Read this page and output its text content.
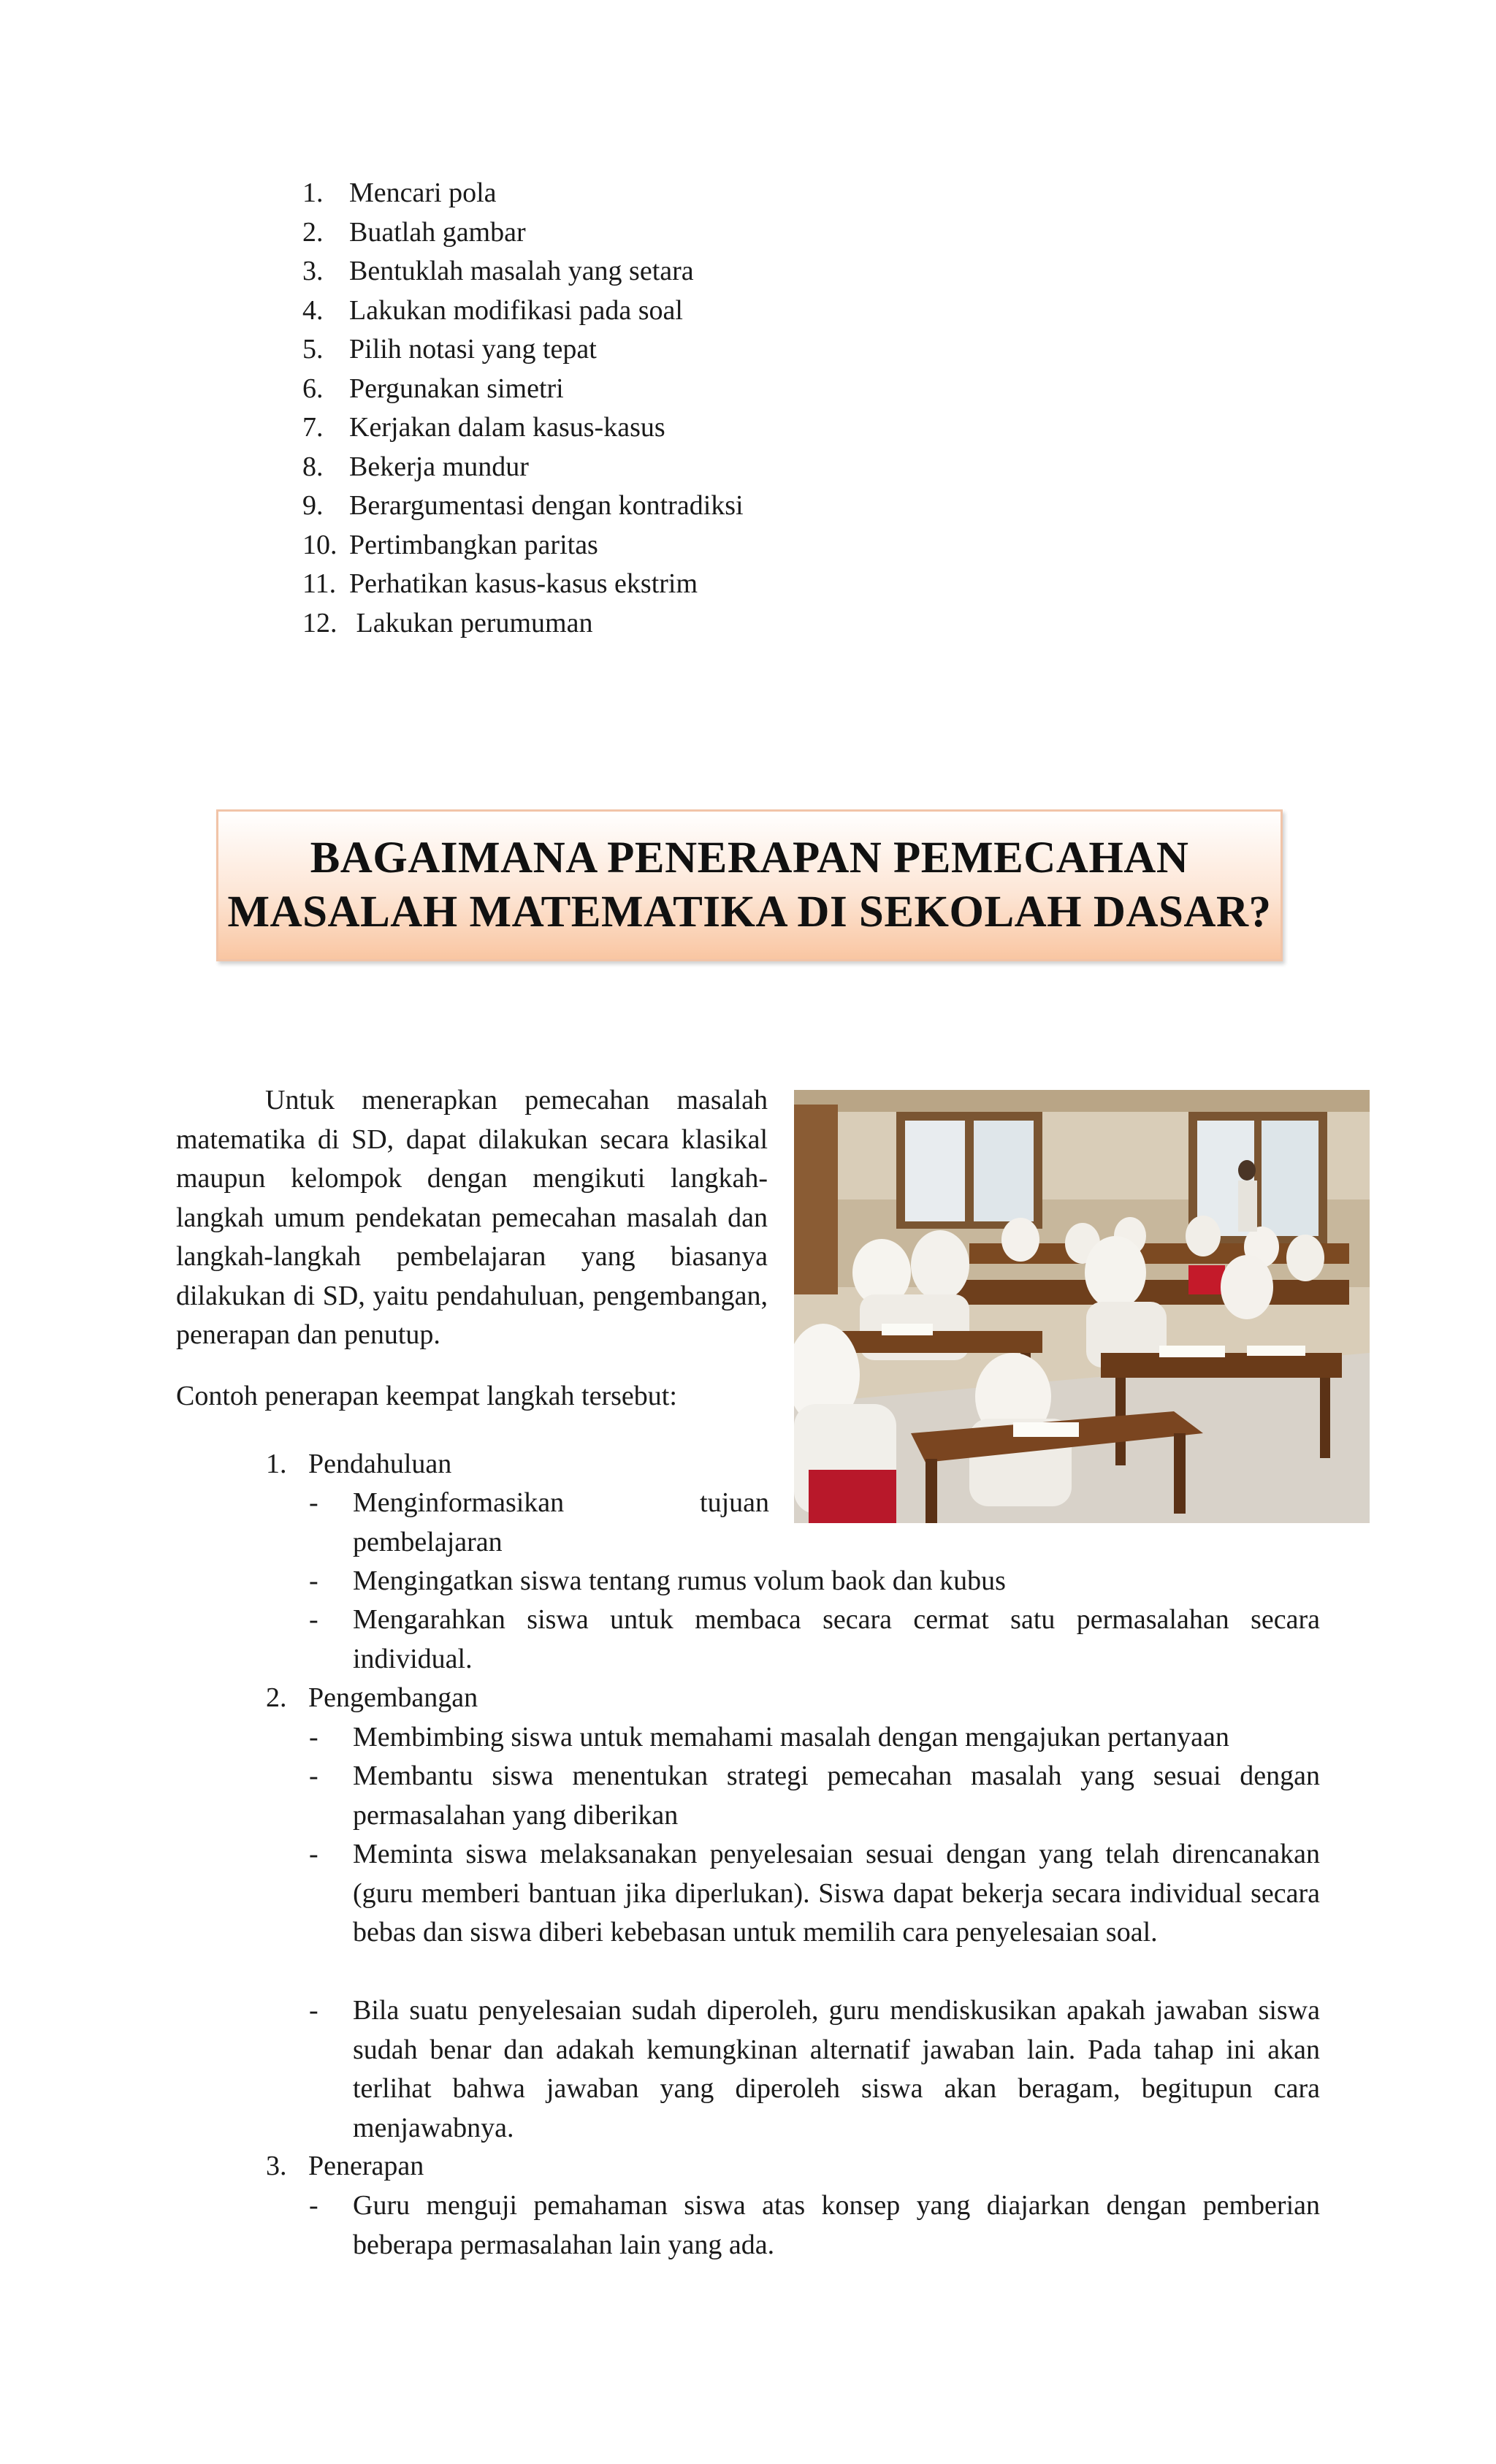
1. Mencari pola
2. Buatlah gambar
3. Bentuklah masalah yang setara
4. Lakukan modifikasi pada soal
5. Pilih notasi yang tepat
6. Pergunakan simetri
7. Kerjakan dalam kasus-kasus
8. Bekerja mundur
9. Berargumentasi dengan kontradiksi
10. Pertimbangkan paritas
11. Perhatikan kasus-kasus ekstrim
12. Lakukan perumuman
BAGAIMANA PENERAPAN PEMECAHAN
MASALAH MATEMATIKA DI SEKOLAH DASAR?

Untuk menerapkan pemecahan masalah matematika di SD, dapat dilakukan secara klasikal maupun kelompok dengan mengikuti langkah-langkah umum pendekatan pemecahan masalah dan langkah-langkah pembelajaran yang biasanya dilakukan di SD, yaitu pendahuluan, pengembangan, penerapan dan penutup.

Contoh penerapan keempat langkah tersebut:

1. Pendahuluan
- Menginformasikan tujuan pembelajaran

- Mengingatkan siswa tentang rumus volum baok dan kubus

- Mengarahkan siswa untuk membaca secara cermat satu permasalahan secara individual.

2. Pengembangan
- Membimbing siswa untuk memahami masalah dengan mengajukan pertanyaan

- Membantu siswa menentukan strategi pemecahan masalah yang sesuai dengan permasalahan yang diberikan

- Meminta siswa melaksanakan penyelesaian sesuai dengan yang telah direncanakan (guru memberi bantuan jika diperlukan). Siswa dapat bekerja secara individual secara bebas dan siswa diberi kebebasan untuk memilih cara penyelesaian soal.

- Bila suatu penyelesaian sudah diperoleh, guru mendiskusikan apakah jawaban siswa sudah benar dan adakah kemungkinan alternatif jawaban lain. Pada tahap ini akan terlihat bahwa jawaban yang diperoleh siswa akan beragam, begitupun cara menjawabnya.

3. Penerapan
- Guru menguji pemahaman siswa atas konsep yang diajarkan dengan pemberian beberapa permasalahan lain yang ada.
